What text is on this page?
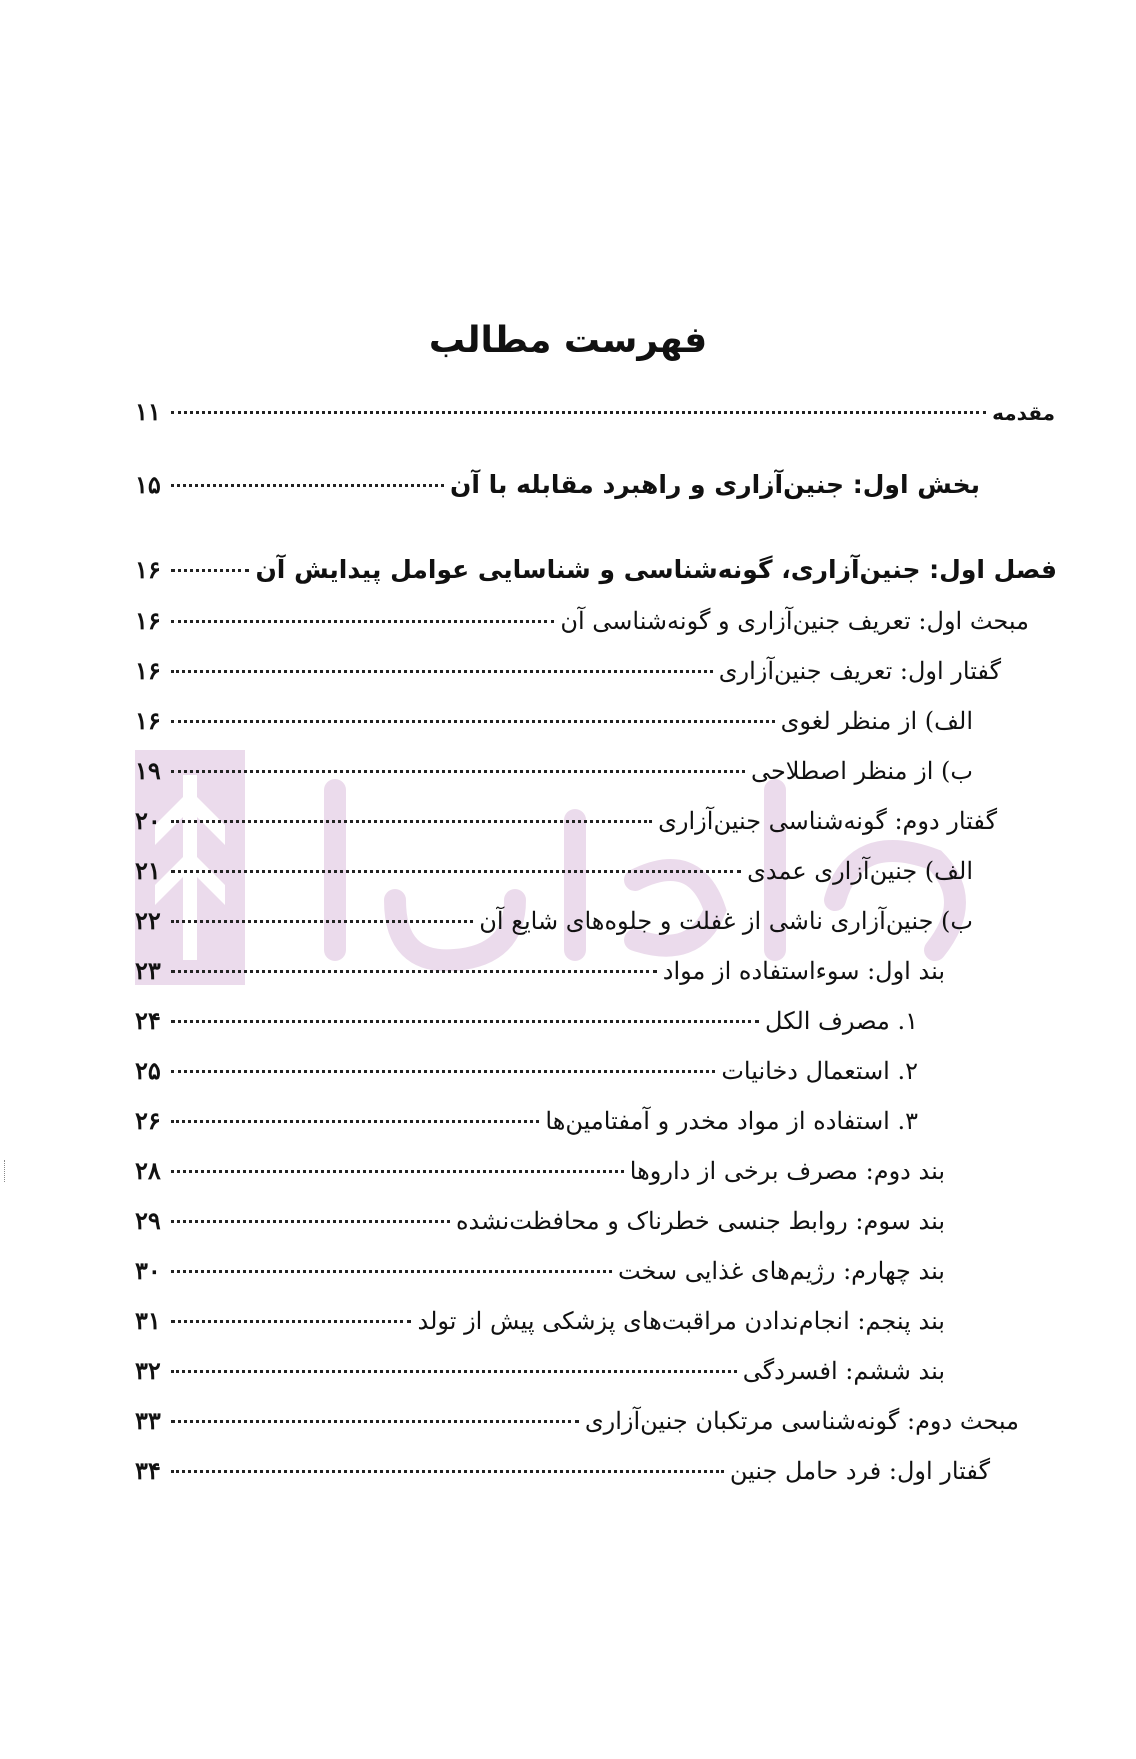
فهرست مطالب
مقدمه
۱۱
بخش اول: جنین‌آزاری و راهبرد مقابله با آن
۱۵
فصل اول: جنین‌آزاری، گونه‌شناسی و شناسایی عوامل پیدایش آن
۱۶
مبحث اول: تعریف جنین‌آزاری و گونه‌شناسی آن
۱۶
گفتار اول: تعریف جنین‌آزاری
۱۶
الف) از منظر لغوی
۱۶
ب) از منظر اصطلاحی
۱۹
گفتار دوم: گونه‌شناسی جنین‌آزاری
۲۰
الف) جنین‌آزاری عمدی
۲۱
ب) جنین‌آزاری ناشی از غفلت و جلوه‌های شایع آن
۲۲
بند اول: سوءاستفاده از مواد
۲۳
۱. مصرف الکل
۲۴
۲. استعمال دخانیات
۲۵
۳. استفاده از مواد مخدر و آمفتامین‌ها
۲۶
بند دوم: مصرف برخی از داروها
۲۸
بند سوم: روابط جنسی خطرناک و محافظت‌نشده
۲۹
بند چهارم: رژیم‌های غذایی سخت
۳۰
بند پنجم: انجام‌ندادن مراقبت‌های پزشکی پیش از تولد
۳۱
بند ششم: افسردگی
۳۲
مبحث دوم: گونه‌شناسی مرتکبان جنین‌آزاری
۳۳
گفتار اول: فرد حامل جنین
۳۴
